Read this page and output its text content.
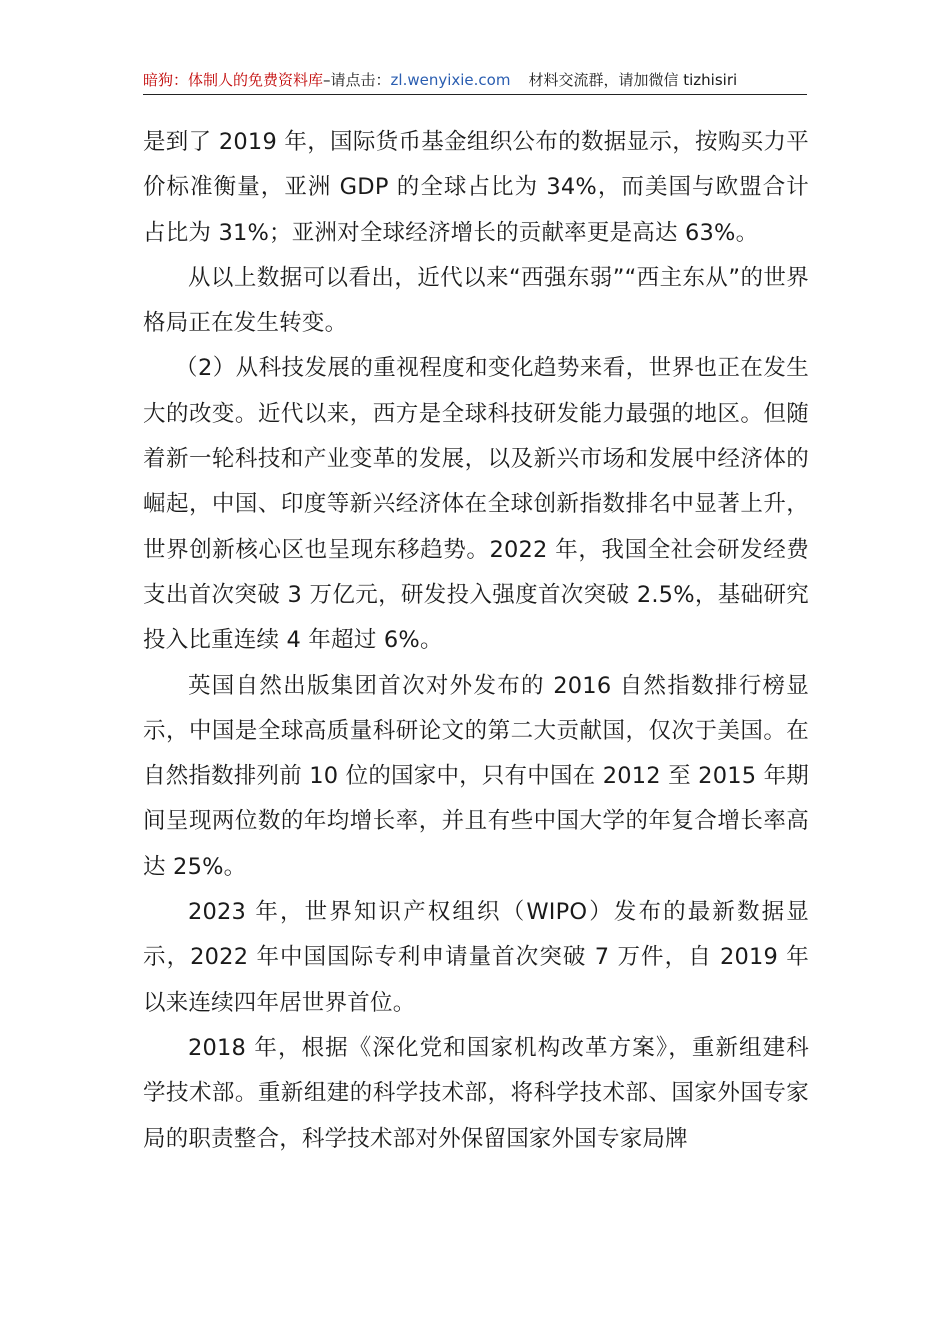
暗狗：体制人的免费资料库–请点击：zl.wenyixie.com 材料交流群，请加微信 tizhisiri

是到了 2019 年，国际货币基金组织公布的数据显示，按购买力平价标准衡量，亚洲 GDP 的全球占比为 34%，而美国与欧盟合计占比为 31%；亚洲对全球经济增长的贡献率更是高达 63%。

从以上数据可以看出，近代以来“西强东弱”“西主东从”的世界格局正在发生转变。

（2）从科技发展的重视程度和变化趋势来看，世界也正在发生大的改变。近代以来，西方是全球科技研发能力最强的地区。但随着新一轮科技和产业变革的发展，以及新兴市场和发展中经济体的崛起，中国、印度等新兴经济体在全球创新指数排名中显著上升，世界创新核心区也呈现东移趋势。2022 年，我国全社会研发经费支出首次突破 3 万亿元，研发投入强度首次突破 2.5%，基础研究投入比重连续 4 年超过 6%。

英国自然出版集团首次对外发布的 2016 自然指数排行榜显示，中国是全球高质量科研论文的第二大贡献国，仅次于美国。在自然指数排列前 10 位的国家中，只有中国在 2012 至 2015 年期间呈现两位数的年均增长率，并且有些中国大学的年复合增长率高达 25%。

2023 年，世界知识产权组织（WIPO）发布的最新数据显示，2022 年中国国际专利申请量首次突破 7 万件，自 2019 年以来连续四年居世界首位。

2018 年，根据《深化党和国家机构改革方案》，重新组建科学技术部。重新组建的科学技术部，将科学技术部、国家外国专家局的职责整合，科学技术部对外保留国家外国专家局牌
